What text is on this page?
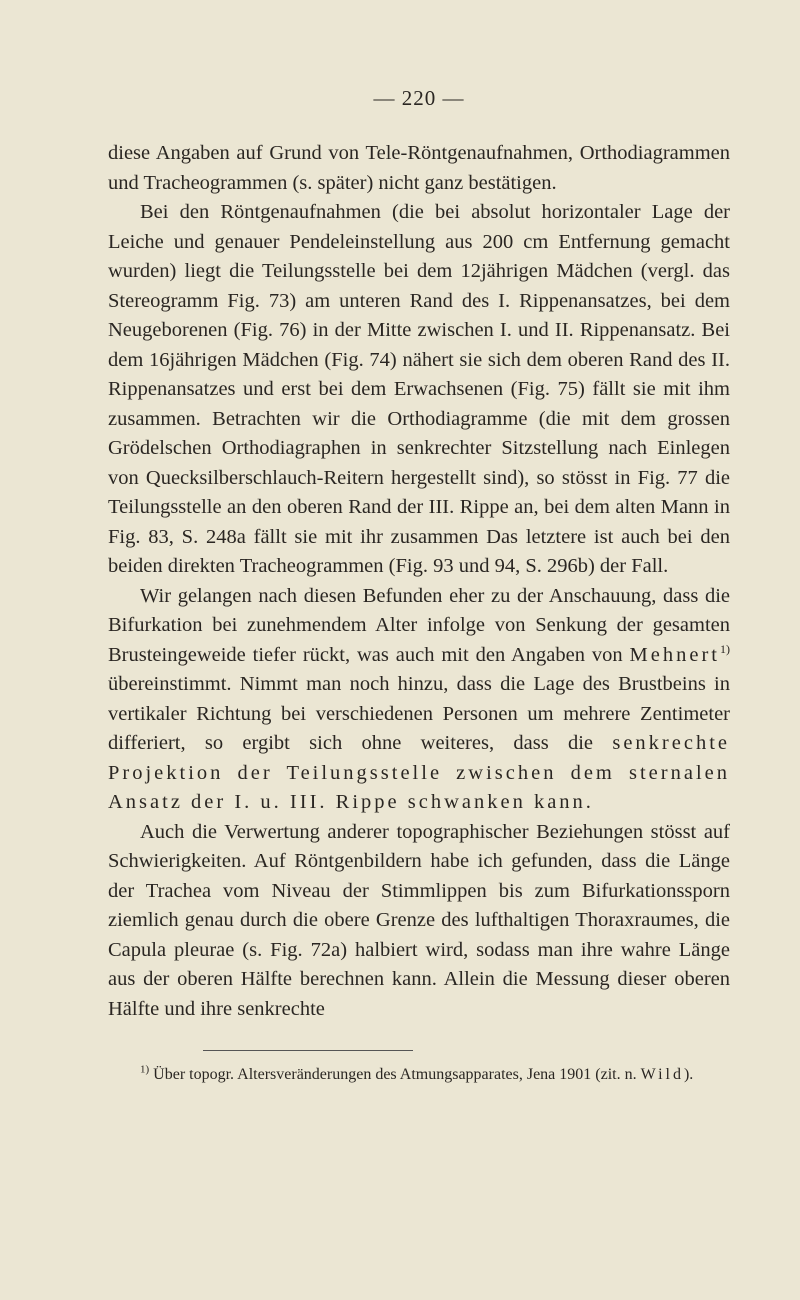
— 220 —

diese Angaben auf Grund von Tele-Röntgenaufnahmen, Orthodiagrammen und Tracheogrammen (s. später) nicht ganz bestätigen.

Bei den Röntgenaufnahmen (die bei absolut horizontaler Lage der Leiche und genauer Pendeleinstellung aus 200 cm Entfernung gemacht wurden) liegt die Teilungsstelle bei dem 12jährigen Mädchen (vergl. das Stereogramm Fig. 73) am unteren Rand des I. Rippenansatzes, bei dem Neugeborenen (Fig. 76) in der Mitte zwischen I. und II. Rippenansatz. Bei dem 16jährigen Mädchen (Fig. 74) nähert sie sich dem oberen Rand des II. Rippenansatzes und erst bei dem Erwachsenen (Fig. 75) fällt sie mit ihm zusammen. Betrachten wir die Orthodiagramme (die mit dem grossen Grödelschen Orthodiagraphen in senkrechter Sitzstellung nach Einlegen von Quecksilberschlauch-Reitern hergestellt sind), so stösst in Fig. 77 die Teilungsstelle an den oberen Rand der III. Rippe an, bei dem alten Mann in Fig. 83, S. 248a fällt sie mit ihr zusammen Das letztere ist auch bei den beiden direkten Tracheogrammen (Fig. 93 und 94, S. 296b) der Fall.

Wir gelangen nach diesen Befunden eher zu der Anschauung, dass die Bifurkation bei zunehmendem Alter infolge von Senkung der gesamten Brusteingeweide tiefer rückt, was auch mit den Angaben von Mehnert$^{1)}$ übereinstimmt. Nimmt man noch hinzu, dass die Lage des Brustbeins in vertikaler Richtung bei verschiedenen Personen um mehrere Zentimeter differiert, so ergibt sich ohne weiteres, dass die senkrechte Projektion der Teilungsstelle zwischen dem sternalen Ansatz der I. u. III. Rippe schwanken kann.

Auch die Verwertung anderer topographischer Beziehungen stösst auf Schwierigkeiten. Auf Röntgenbildern habe ich gefunden, dass die Länge der Trachea vom Niveau der Stimmlippen bis zum Bifurkationssporn ziemlich genau durch die obere Grenze des lufthaltigen Thoraxraumes, die Capula pleurae (s. Fig. 72a) halbiert wird, sodass man ihre wahre Länge aus der oberen Hälfte berechnen kann. Allein die Messung dieser oberen Hälfte und ihre senkrechte

$^{1)}$ Über topogr. Altersveränderungen des Atmungsapparates, Jena 1901 (zit. n. Wild).
